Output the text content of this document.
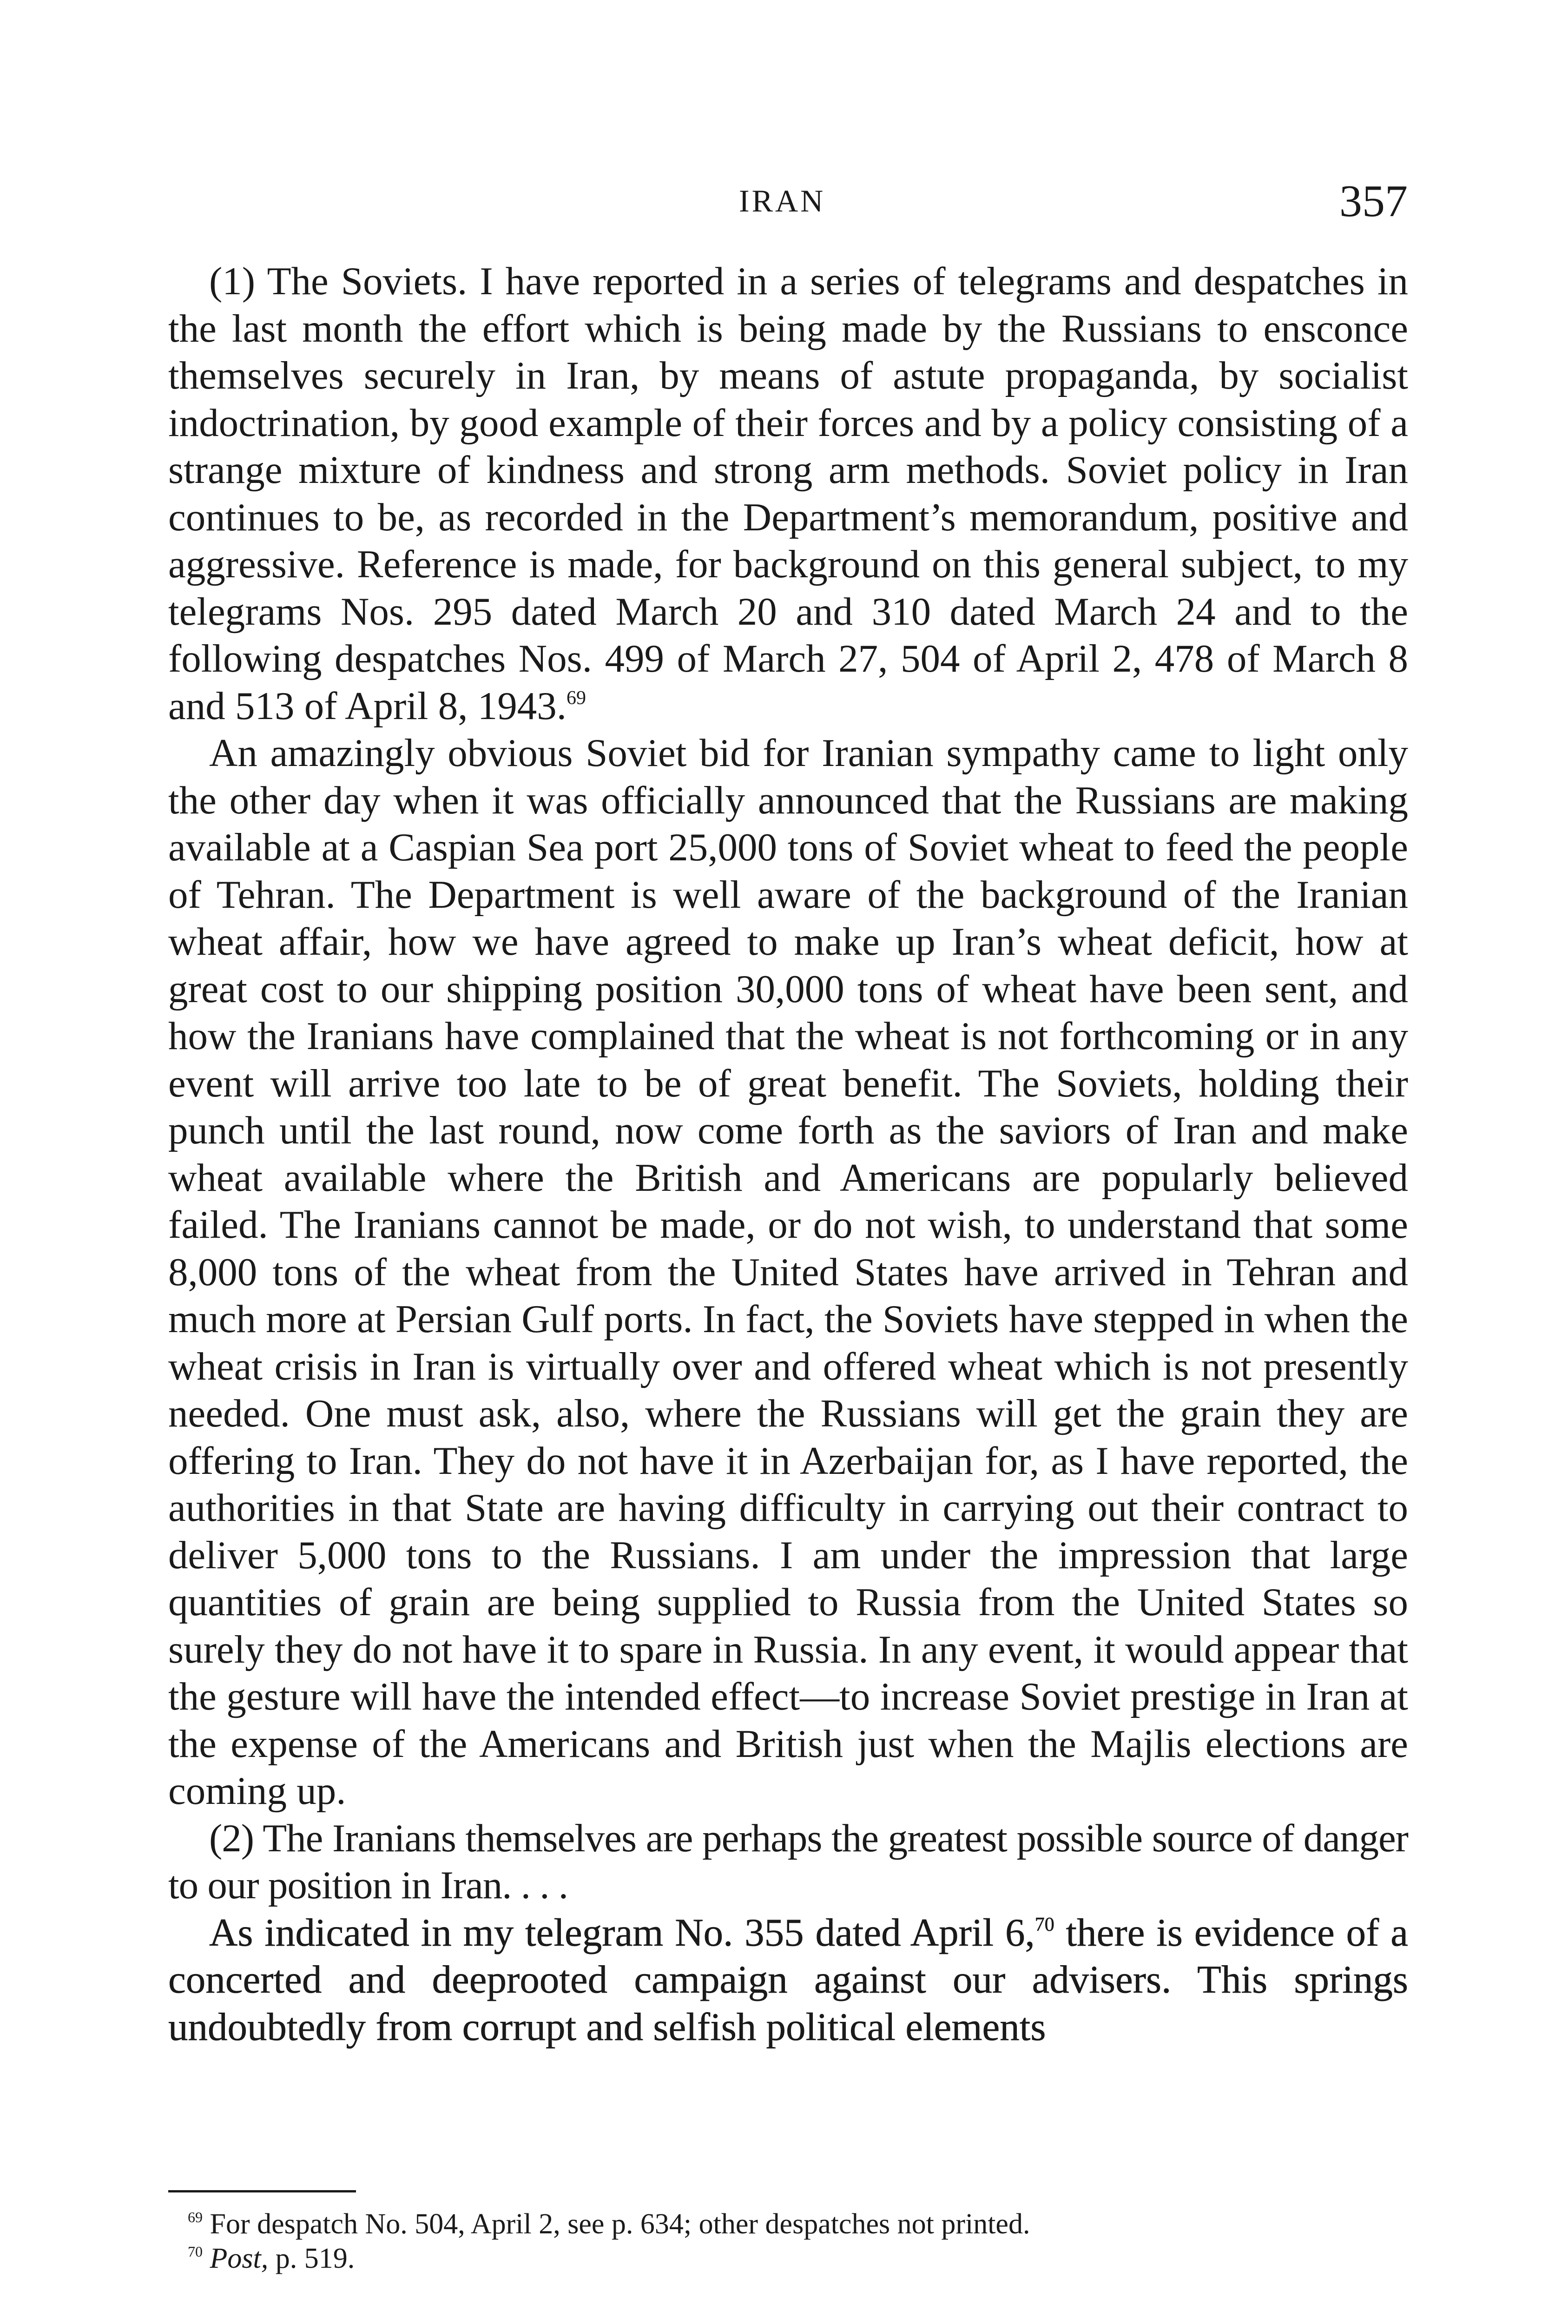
IRAN	357

(1) The Soviets. I have reported in a series of telegrams and despatches in the last month the effort which is being made by the Russians to ensconce themselves securely in Iran, by means of astute propaganda, by socialist indoctrination, by good example of their forces and by a policy consisting of a strange mixture of kindness and strong arm methods. Soviet policy in Iran continues to be, as recorded in the Department’s memorandum, positive and aggressive. Reference is made, for background on this general subject, to my telegrams Nos. 295 dated March 20 and 310 dated March 24 and to the following despatches Nos. 499 of March 27, 504 of April 2, 478 of March 8 and 513 of April 8, 1943.69

An amazingly obvious Soviet bid for Iranian sympathy came to light only the other day when it was officially announced that the Russians are making available at a Caspian Sea port 25,000 tons of Soviet wheat to feed the people of Tehran. The Department is well aware of the background of the Iranian wheat affair, how we have agreed to make up Iran’s wheat deficit, how at great cost to our shipping position 30,000 tons of wheat have been sent, and how the Iranians have complained that the wheat is not forthcoming or in any event will arrive too late to be of great benefit. The Soviets, holding their punch until the last round, now come forth as the saviors of Iran and make wheat available where the British and Americans are popularly believed failed. The Iranians cannot be made, or do not wish, to understand that some 8,000 tons of the wheat from the United States have arrived in Tehran and much more at Persian Gulf ports. In fact, the Soviets have stepped in when the wheat crisis in Iran is virtually over and offered wheat which is not presently needed. One must ask, also, where the Russians will get the grain they are offering to Iran. They do not have it in Azerbaijan for, as I have reported, the authorities in that State are having difficulty in carrying out their contract to deliver 5,000 tons to the Russians. I am under the impression that large quantities of grain are being supplied to Russia from the United States so surely they do not have it to spare in Russia. In any event, it would appear that the gesture will have the intended effect—to increase Soviet prestige in Iran at the expense of the Americans and British just when the Majlis elections are coming up.

(2) The Iranians themselves are perhaps the greatest possible source of danger to our position in Iran. . . .

As indicated in my telegram No. 355 dated April 6,70 there is evidence of a concerted and deeprooted campaign against our advisers. This springs undoubtedly from corrupt and selfish political elements

$^{69}$ For despatch No. 504, April 2, see p. 634; other despatches not printed.
$^{70}$ Post, p. 519.
